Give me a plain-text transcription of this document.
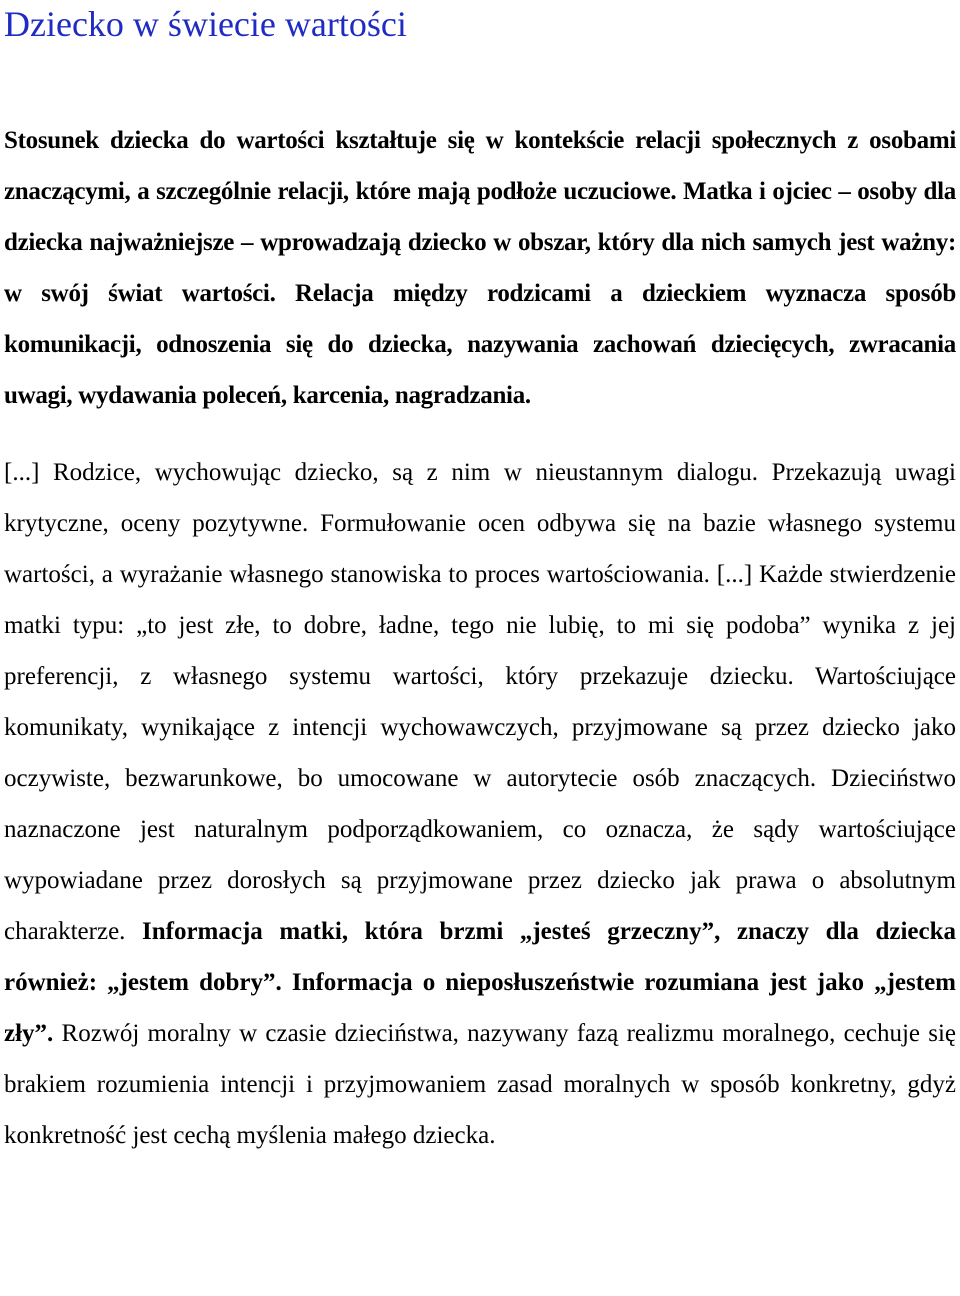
Dziecko w świecie wartości

Stosunek dziecka do wartości kształtuje się w kontekście relacji społecznych z osobami znaczącymi, a szczególnie relacji, które mają podłoże uczuciowe. Matka i ojciec – osoby dla dziecka najważniejsze – wprowadzają dziecko w obszar, który dla nich samych jest ważny: w swój świat wartości. Relacja między rodzicami a dzieckiem wyznacza sposób komunikacji, odnoszenia się do dziecka, nazywania zachowań dziecięcych, zwracania uwagi, wydawania poleceń, karcenia, nagradzania.

[...] Rodzice, wychowując dziecko, są z nim w nieustannym dialogu. Przekazują uwagi krytyczne, oceny pozytywne. Formułowanie ocen odbywa się na bazie własnego systemu wartości, a wyrażanie własnego stanowiska to proces wartościowania. [...] Każde stwierdzenie matki typu: „to jest złe, to dobre, ładne, tego nie lubię, to mi się podoba” wynika z jej preferencji, z własnego systemu wartości, który przekazuje dziecku. Wartościujące komunikaty, wynikające z intencji wychowawczych, przyjmowane są przez dziecko jako oczywiste, bezwarunkowe, bo umocowane w autorytecie osób znaczących. Dzieciństwo naznaczone jest naturalnym podporządkowaniem, co oznacza, że sądy wartościujące wypowiadane przez dorosłych są przyjmowane przez dziecko jak prawa o absolutnym charakterze. Informacja matki, która brzmi „jesteś grzeczny”, znaczy dla dziecka również: „jestem dobry”. Informacja o nieposłuszeństwie rozumiana jest jako „jestem zły”. Rozwój moralny w czasie dzieciństwa, nazywany fazą realizmu moralnego, cechuje się brakiem rozumienia intencji i przyjmowaniem zasad moralnych w sposób konkretny, gdyż konkretność jest cechą myślenia małego dziecka.
